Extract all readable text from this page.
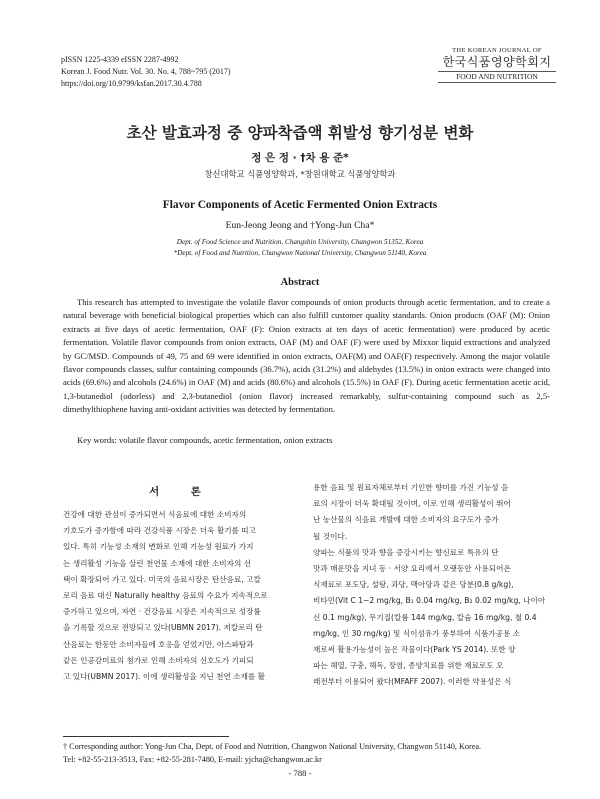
pISSN 1225-4339 eISSN 2287-4992
Korean J. Food Nutr. Vol. 30. No. 4, 788~795 (2017)
https://doi.org/10.9799/ksfan.2017.30.4.788
THE KOREAN JOURNAL OF
한국식품영양학회지
FOOD AND NUTRITION
초산 발효과정 중 양파착즙액 휘발성 향기성분 변화
정 은 정 · †차 용 준*
창신대학교 식품영양학과, *창원대학교 식품영양학과
Flavor Components of Acetic Fermented Onion Extracts
Eun-Jeong Jeong and †Yong-Jun Cha*
Dept. of Food Science and Nutrition, Changshin University, Changwon 51352, Korea
*Dept. of Food and Nutrition, Changwon National University, Changwon 51140, Korea
Abstract
This research has attempted to investigate the volatile flavor compounds of onion products through acetic fermentation, and to create a natural beverage with beneficial biological properties which can also fulfill customer quality standards. Onion products (OAF (M): Onion extracts at five days of acetic fermentation, OAF (F): Onion extracts at ten days of acetic fermentation) were produced by acetic fermentation. Volatile flavor compounds from onion extracts, OAF (M) and OAF (F) were used by Mixxor liquid extractions and analyzed by GC/MSD. Compounds of 49, 75 and 69 were identified in onion extracts, OAF(M) and OAF(F) respectively. Among the major volatile flavor compounds classes, sulfur containing compounds (36.7%), acids (31.2%) and aldehydes (13.5%) in onion extracts were changed into acids (69.6%) and alcohols (24.6%) in OAF (M) and acids (80.6%) and alcohols (15.5%) in OAF (F). During acetic fermentation acetic acid, 1,3-butanediol (odorless) and 2,3-butanediol (onion flavor) increased remarkably, sulfur-containing compound such as 2,5-dimethylthiophene having anti-oxidant activities was detected by fermentation.
Key words: volatile flavor compounds, acetic fermentation, onion extracts
서 론
건강에 대한 관심이 증가되면서 식음료에 대한 소비자의
기호도가 증가함에 따라 건강식품 시장은 더욱 활기를 띠고
있다. 특히 기능성 소재의 변화로 인해 기능성 원료가 가지
는 생리활성 기능을 살린 천연물 소재에 대한 소비자의 선
택이 확장되어 가고 있다. 미국의 음료시장은 탄산음료, 고칼
로리 음료 대신 Naturally healthy 음료의 수요가 지속적으로
증가하고 있으며, 자연 · 건강음료 시장은 지속적으로 성장률
을 기록할 것으로 전망되고 있다(UBMN 2017). 저칼로리 탄
산음료는 한동안 소비자들에 호응을 얻었지만, 아스파탐과
같은 인공감미료의 첨가로 인해 소비자의 선호도가 기피되
고 있다(UBMN 2017). 이에 생리활성을 지닌 천연 소재를 활
용한 음료 및 원료자체로부터 기인한 향미를 가진 기능성 음
료의 시장이 더욱 확대될 것이며, 이로 인해 생리활성이 뛰어
난 농산물의 식음료 개발에 대한 소비자의 요구도가 증가
될 것이다.
양파는 식품의 맛과 향을 증강시키는 향신료로 특유의 단
맛과 매운맛을 지녀 동 · 서양 요리에서 오랫동안 사용되어온
식재료로 포도당, 설탕, 과당, 맥아당과 같은 당분(0.8 g/kg),
비타민(Vit C 1~2 mg/kg, B₁ 0.04 mg/kg, B₂ 0.02 mg/kg, 나이아
신 0.1 mg/kg), 무기질(칼륨 144 mg/kg, 칼슘 16 mg/kg, 철 0.4
mg/kg, 인 30 mg/kg) 및 식이섬유가 풍부하여 식품가공용 소
재로써 활용가능성이 높은 작물이다(Park YS 2014). 또한 양
파는 해열, 구충, 해독, 장염, 종양치료를 위한 재료로도 오
래전부터 이용되어 왔다(MFAFF 2007). 이러한 약용성은 식
† Corresponding author: Yong-Jun Cha, Dept. of Food and Nutrition, Changwon National University, Changwon 51140, Korea.
Tel: +82-55-213-3513, Fax: +82-55-281-7480, E-mail: yjcha@changwon.ac.kr
- 788 -
